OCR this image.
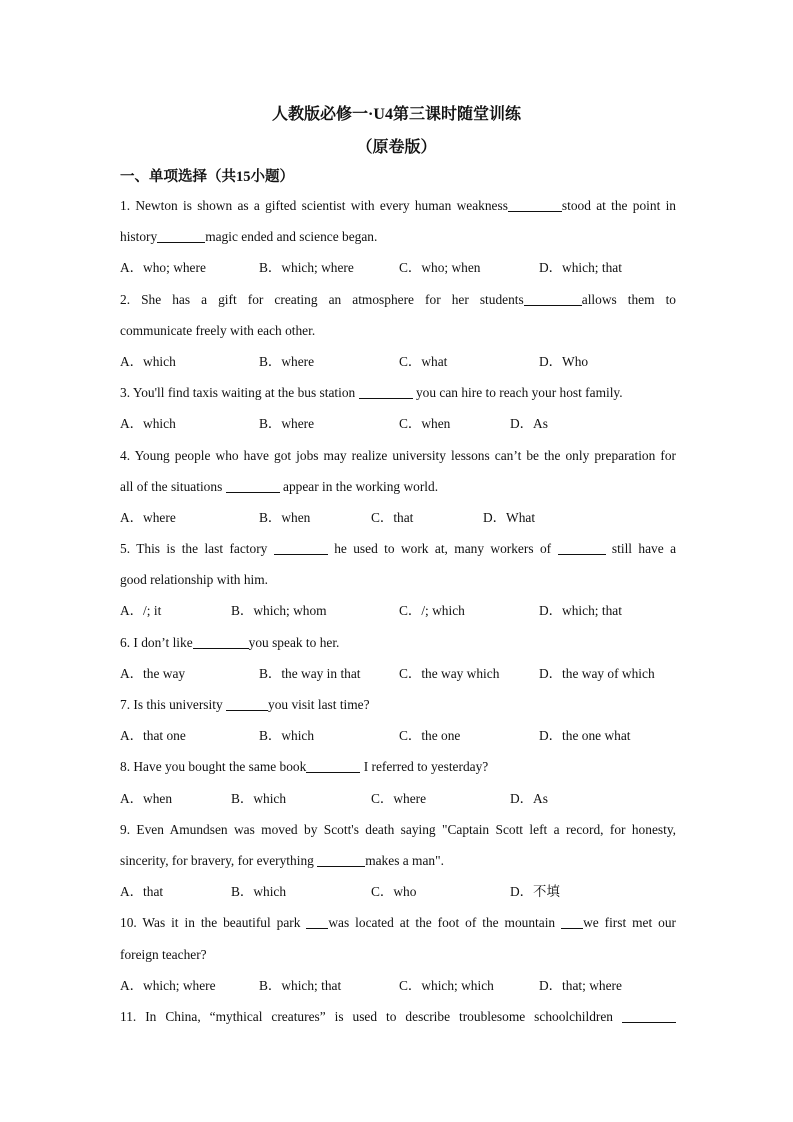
人教版必修一·U4第三课时随堂训练
（原卷版）
一、单项选择（共15小题）
1. Newton is shown as a gifted scientist with every human weakness	stood at the point in
history	magic ended and science began.
A．who; where	B．which; where	C．who; when	D．which; that
2. She has a gift for creating an atmosphere for her students	allows them to
communicate freely with each other.
A．which	B．where	C．what	D．Who
3. You'll find taxis waiting at the bus station	you can hire to reach your host family.
A．which	B．where	C．when	D．As
4. Young people who have got jobs may realize university lessons can’t be the only preparation for
all of the situations	appear in the working world.
A．where	B．when	C．that	D．What
5. This is the last factory	he used to work at, many workers of	still have a
good relationship with him.
A．/; it	B．which; whom	C．/; which	D．which; that
6. I don’t like	you speak to her.
A．the way	B．the way in that	C．the way which	D．the way of which
7. Is this university	you visit last time?
A．that one	B．which	C．the one	D．the one what
8. Have you bought the same book	I referred to yesterday?
A．when	B．which	C．where	D．As
9. Even Amundsen was moved by Scott's death saying "Captain Scott left a record, for honesty,
sincerity, for bravery, for everything	makes a man".
A．that	B．which	C．who	D．不填
10. Was it in the beautiful park was located at the foot of the mountain we first met our
foreign teacher?
A．which; where	B．which; that	C．which; which	D．that; where
11. In China, “mythical creatures” is used to describe troublesome schoolchildren
